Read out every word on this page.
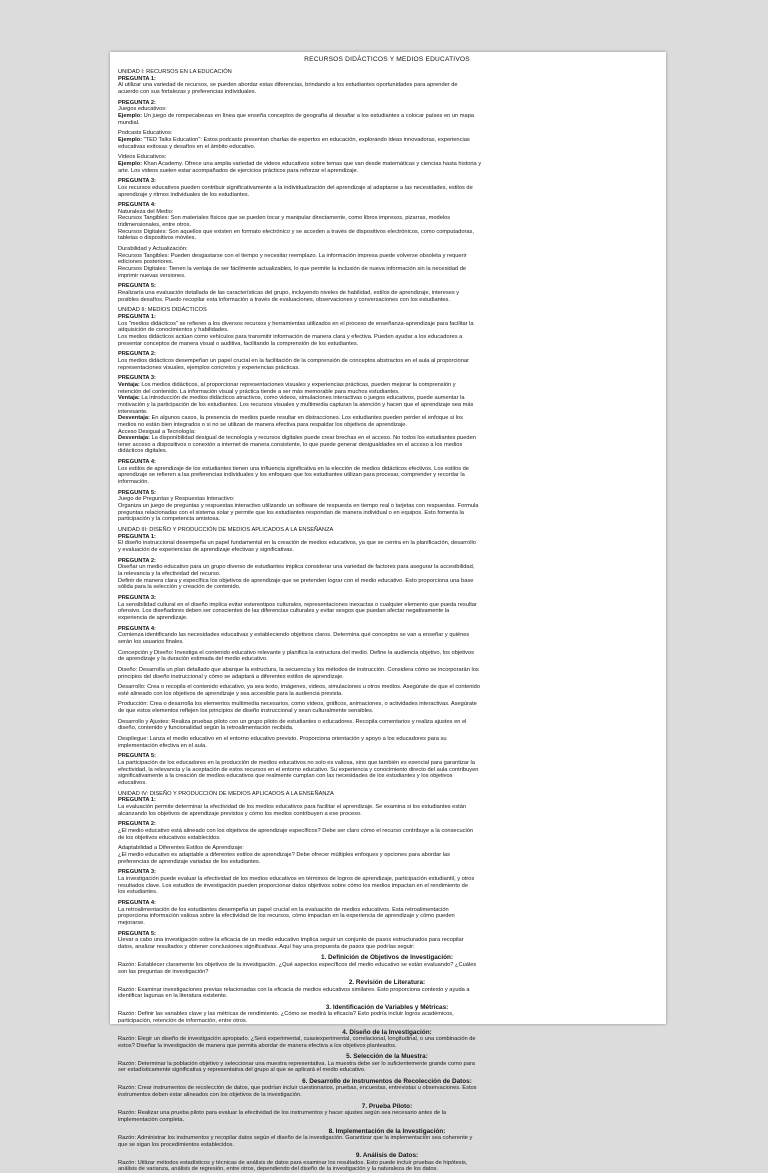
RECURSOS DIDÁCTICOS Y MEDIOS EDUCATIVOS
UNIDAD I: RECURSOS EN LA EDUCACIÓN
PREGUNTA 1:
Al utilizar una variedad de recursos, se pueden abordar estas diferencias, brindando a los estudiantes oportunidades para aprender de
acuerdo con sus fortalezas y preferencias individuales.
PREGUNTA 2:
Juegos educativos:
Ejemplo: Un juego de rompecabezas en línea que enseña conceptos de geografía al desafiar a los estudiantes a colocar países en un mapa
mundial.
Podcasts Educativos:
Ejemplo: "TED Talks Education": Estos podcasts presentan charlas de expertos en educación, explorando ideas innovadoras, experiencias
educativas exitosas y desafíos en el ámbito educativo.
Videos Educativos:
Ejemplo: Khan Academy. Ofrece una amplia variedad de videos educativos sobre temas que van desde matemáticas y ciencias hasta historia y
arte. Los videos suelen estar acompañados de ejercicios prácticos para reforzar el aprendizaje.
PREGUNTA 3:
Los recursos educativos pueden contribuir significativamente a la individualización del aprendizaje al adaptarse a las necesidades, estilos de
aprendizaje y ritmos individuales de los estudiantes.
PREGUNTA 4:
Naturaleza del Medio:
Recursos Tangibles: Son materiales físicos que se pueden tocar y manipular directamente, como libros impresos, pizarras, modelos
tridimensionales, entre otros.
Recursos Digitales: Son aquellos que existen en formato electrónico y se acceden a través de dispositivos electrónicos, como computadoras,
tabletas o dispositivos móviles.
Durabilidad y Actualización:
Recursos Tangibles: Pueden desgastarse con el tiempo y necesitar reemplazo. La información impresa puede volverse obsoleta y requerir
ediciones posteriores.
Recursos Digitales: Tienen la ventaja de ser fácilmente actualizables, lo que permite la inclusión de nueva información sin la necesidad de
imprimir nuevas versiones.
PREGUNTA 5:
Realizaría una evaluación detallada de las características del grupo, incluyendo niveles de habilidad, estilos de aprendizaje, intereses y
posibles desafíos. Puedo recopilar esta información a través de evaluaciones, observaciones y conversaciones con los estudiantes.
UNIDAD II: MEDIOS DIDÁCTICOS
PREGUNTA 1:
Los "medios didácticos" se refieren a los diversos recursos y herramientas utilizados en el proceso de enseñanza-aprendizaje para facilitar la
adquisición de conocimientos y habilidades.
Los medios didácticos actúan como vehículos para transmitir información de manera clara y efectiva. Pueden ayudar a los educadores a
presentar conceptos de manera visual o auditiva, facilitando la comprensión de los estudiantes.
PREGUNTA 2:
Los medios didácticos desempeñan un papel crucial en la facilitación de la comprensión de conceptos abstractos en el aula al proporcionar
representaciones visuales, ejemplos concretos y experiencias prácticas.
PREGUNTA 3:
Ventaja: Los medios didácticos, al proporcionar representaciones visuales y experiencias prácticas, pueden mejorar la comprensión y
retención del contenido. La información visual y práctica tiende a ser más memorable para muchos estudiantes.
Ventaja: La introducción de medios didácticos atractivos, como videos, simulaciones interactivas o juegos educativos, puede aumentar la
motivación y la participación de los estudiantes. Los recursos visuales y multimedia capturan la atención y hacen que el aprendizaje sea más
interesante.
Desventaja: En algunos casos, la presencia de medios puede resultar en distracciones. Los estudiantes pueden perder el enfoque si los
medios no están bien integrados o si no se utilizan de manera efectiva para respaldar los objetivos de aprendizaje.
Acceso Desigual a Tecnología:
Desventaja: La disponibilidad desigual de tecnología y recursos digitales puede crear brechas en el acceso. No todos los estudiantes pueden
tener acceso a dispositivos o conexión a internet de manera consistente, lo que puede generar desigualdades en el acceso a los medios
didácticos digitales.
PREGUNTA 4:
Los estilos de aprendizaje de los estudiantes tienen una influencia significativa en la elección de medios didácticos efectivos. Los estilos de
aprendizaje se refieren a las preferencias individuales y los enfoques que los estudiantes utilizan para procesar, comprender y recordar la
información.
PREGUNTA 5:
Juego de Preguntas y Respuestas Interactivo:
Organiza un juego de preguntas y respuestas interactivo utilizando un software de respuesta en tiempo real o tarjetas con respuestas. Formula
preguntas relacionadas con el sistema solar y permite que los estudiantes respondan de manera individual o en equipos. Esto fomenta la
participación y la competencia amistosa.
UNIDAD III: DISEÑO Y PRODUCCIÓN DE MEDIOS APLICADOS A LA ENSEÑANZA
PREGUNTA 1:
El diseño instruccional desempeña un papel fundamental en la creación de medios educativos, ya que se centra en la planificación, desarrollo
y evaluación de experiencias de aprendizaje efectivas y significativas.
PREGUNTA 2:
Diseñar un medio educativo para un grupo diverso de estudiantes implica considerar una variedad de factores para asegurar la accesibilidad,
la relevancia y la efectividad del recurso.
Definir de manera clara y específica los objetivos de aprendizaje que se pretenden lograr con el medio educativo. Esto proporciona una base
sólida para la selección y creación de contenido.
PREGUNTA 3:
La sensibilidad cultural en el diseño implica evitar estereotipos culturales, representaciones inexactas o cualquier elemento que pueda resultar
ofensivo. Los diseñadores deben ser conscientes de las diferencias culturales y evitar sesgos que puedan afectar negativamente la
experiencia de aprendizaje.
PREGUNTA 4:
Comienza identificando las necesidades educativas y estableciendo objetivos claros. Determina qué conceptos se van a enseñar y quiénes
serán los usuarios finales.
Concepción y Diseño: Investiga el contenido educativo relevante y planifica la estructura del medio. Define la audiencia objetivo, los objetivos
de aprendizaje y la duración estimada del medio educativo.
Diseño: Desarrolla un plan detallado que abarque la estructura, la secuencia y los métodos de instrucción. Considera cómo se incorporarán los
principios del diseño instruccional y cómo se adaptará a diferentes estilos de aprendizaje.
Desarrollo: Crea o recopila el contenido educativo, ya sea texto, imágenes, videos, simulaciones u otros medios. Asegúrate de que el contenido
esté alineado con los objetivos de aprendizaje y sea accesible para la audiencia prevista.
Producción: Crea o desarrolla los elementos multimedia necesarios, como videos, gráficos, animaciones, o actividades interactivas. Asegúrate
de que estos elementos reflejen los principios de diseño instruccional y sean culturalmente sensibles.
Desarrollo y Ajustes: Realiza pruebas piloto con un grupo piloto de estudiantes o educadores. Recopila comentarios y realiza ajustes en el
diseño, contenido y funcionalidad según la retroalimentación recibida.
Despliegue: Lanza el medio educativo en el entorno educativo previsto. Proporciona orientación y apoyo a los educadores para su
implementación efectiva en el aula.
PREGUNTA 5:
La participación de los educadores en la producción de medios educativos no solo es valiosa, sino que también es esencial para garantizar la
efectividad, la relevancia y la aceptación de estos recursos en el entorno educativo. Su experiencia y conocimiento directo del aula contribuyen
significativamente a la creación de medios educativos que realmente cumplan con las necesidades de los estudiantes y los objetivos
educativos.
UNIDAD IV: DISEÑO Y PRODUCCIÓN DE MEDIOS APLICADOS A LA ENSEÑANZA
PREGUNTA 1:
La evaluación permite determinar la efectividad de los medios educativos para facilitar el aprendizaje. Se examina si los estudiantes están
alcanzando los objetivos de aprendizaje previstos y cómo los medios contribuyen a ese proceso.
PREGUNTA 2:
¿El medio educativo está alineado con los objetivos de aprendizaje específicos? Debe ser claro cómo el recurso contribuye a la consecución
de los objetivos educativos establecidos.
Adaptabilidad a Diferentes Estilos de Aprendizaje:
¿El medio educativo es adaptable a diferentes estilos de aprendizaje? Debe ofrecer múltiples enfoques y opciones para abordar las
preferencias de aprendizaje variadas de los estudiantes.
PREGUNTA 3:
La investigación puede evaluar la efectividad de los medios educativos en términos de logros de aprendizaje, participación estudiantil, y otros
resultados clave. Los estudios de investigación pueden proporcionar datos objetivos sobre cómo los medios impactan en el rendimiento de
los estudiantes.
PREGUNTA 4:
La retroalimentación de los estudiantes desempeña un papel crucial en la evaluación de medios educativos. Esta retroalimentación
proporciona información valiosa sobre la efectividad de los recursos, cómo impactan en la experiencia de aprendizaje y cómo pueden
mejorarse.
PREGUNTA 5:
Llevar a cabo una investigación sobre la eficacia de un medio educativo implica seguir un conjunto de pasos estructurados para recopilar
datos, analizar resultados y obtener conclusiones significativas. Aquí hay una propuesta de pasos que podrías seguir:
1. Definición de Objetivos de Investigación:
Razón: Establecer claramente los objetivos de la investigación. ¿Qué aspectos específicos del medio educativo se están evaluando? ¿Cuáles
son las preguntas de investigación?
2. Revisión de Literatura:
Razón: Examinar investigaciones previas relacionadas con la eficacia de medios educativos similares. Esto proporciona contexto y ayuda a
identificar lagunas en la literatura existente.
3. Identificación de Variables y Métricas:
Razón: Definir las variables clave y las métricas de rendimiento. ¿Cómo se medirá la eficacia? Esto podría incluir logros académicos,
participación, retención de información, entre otros.
4. Diseño de la Investigación:
Razón: Elegir un diseño de investigación apropiado. ¿Será experimental, cuasiexperimental, correlacional, longitudinal, o una combinación de
estos? Diseñar la investigación de manera que permita abordar de manera efectiva a los objetivos planteados.
5. Selección de la Muestra:
Razón: Determinar la población objetivo y seleccionar una muestra representativa. La muestra debe ser lo suficientemente grande como para
ser estadísticamente significativa y representativa del grupo al que se aplicará el medio educativo.
6. Desarrollo de Instrumentos de Recolección de Datos:
Razón: Crear instrumentos de recolección de datos, que podrían incluir cuestionarios, pruebas, encuestas, entrevistas u observaciones. Estos
instrumentos deben estar alineados con los objetivos de la investigación.
7. Prueba Piloto:
Razón: Realizar una prueba piloto para evaluar la efectividad de los instrumentos y hacer ajustes según sea necesario antes de la
implementación completa.
8. Implementación de la Investigación:
Razón: Administrar los instrumentos y recopilar datos según el diseño de la investigación. Garantizar que la implementación sea coherente y
que se sigan los procedimientos establecidos.
9. Análisis de Datos:
Razón: Utilizar métodos estadísticos y técnicas de análisis de datos para examinar los resultados. Esto puede incluir pruebas de hipótesis,
análisis de varianza, análisis de regresión, entre otros, dependiendo del diseño de la investigación y la naturaleza de los datos.
